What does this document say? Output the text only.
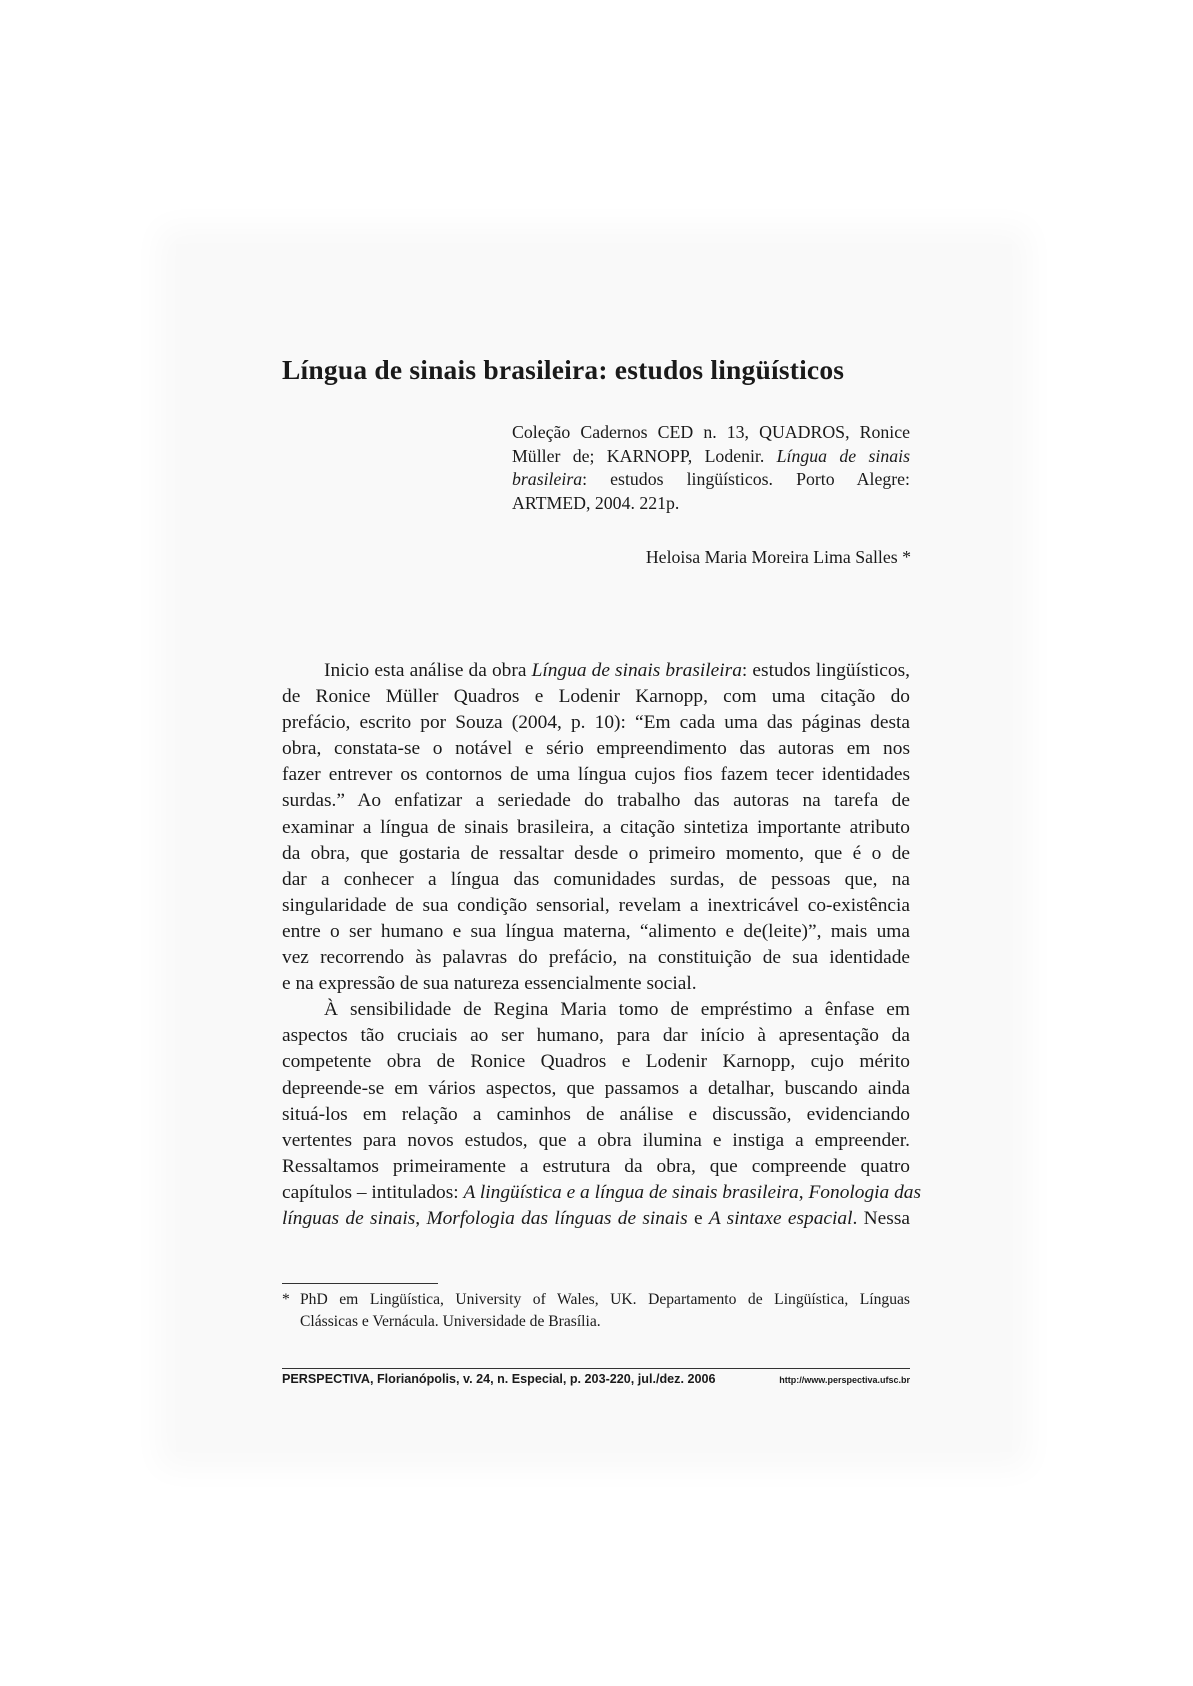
Língua de sinais brasileira: estudos lingüísticos

Coleção Cadernos CED n. 13, QUADROS, Ronice
Müller de; KARNOPP, Lodenir. Língua de sinais
brasileira: estudos lingüísticos. Porto Alegre:
ARTMED, 2004. 221p.

Heloisa Maria Moreira Lima Salles *

Inicio esta análise da obra Língua de sinais brasileira: estudos lingüísticos,
de Ronice Müller Quadros e Lodenir Karnopp, com uma citação do
prefácio, escrito por Souza (2004, p. 10): “Em cada uma das páginas desta
obra, constata-se o notável e sério empreendimento das autoras em nos
fazer entrever os contornos de uma língua cujos fios fazem tecer identidades
surdas.” Ao enfatizar a seriedade do trabalho das autoras na tarefa de
examinar a língua de sinais brasileira, a citação sintetiza importante atributo
da obra, que gostaria de ressaltar desde o primeiro momento, que é o de
dar a conhecer a língua das comunidades surdas, de pessoas que, na
singularidade de sua condição sensorial, revelam a inextricável co-existência
entre o ser humano e sua língua materna, “alimento e de(leite)”, mais uma
vez recorrendo às palavras do prefácio, na constituição de sua identidade
e na expressão de sua natureza essencialmente social.
À sensibilidade de Regina Maria tomo de empréstimo a ênfase em
aspectos tão cruciais ao ser humano, para dar início à apresentação da
competente obra de Ronice Quadros e Lodenir Karnopp, cujo mérito
depreende-se em vários aspectos, que passamos a detalhar, buscando ainda
situá-los em relação a caminhos de análise e discussão, evidenciando
vertentes para novos estudos, que a obra ilumina e instiga a empreender.
Ressaltamos primeiramente a estrutura da obra, que compreende quatro
capítulos – intitulados: A lingüística e a língua de sinais brasileira, Fonologia das
línguas de sinais, Morfologia das línguas de sinais e A sintaxe espacial. Nessa
* PhD em Lingüística, University of Wales, UK. Departamento de Lingüística, Línguas
Clássicas e Vernácula. Universidade de Brasília.
PERSPECTIVA, Florianópolis, v. 24, n. Especial, p. 203-220, jul./dez. 2006	http://www.perspectiva.ufsc.br
